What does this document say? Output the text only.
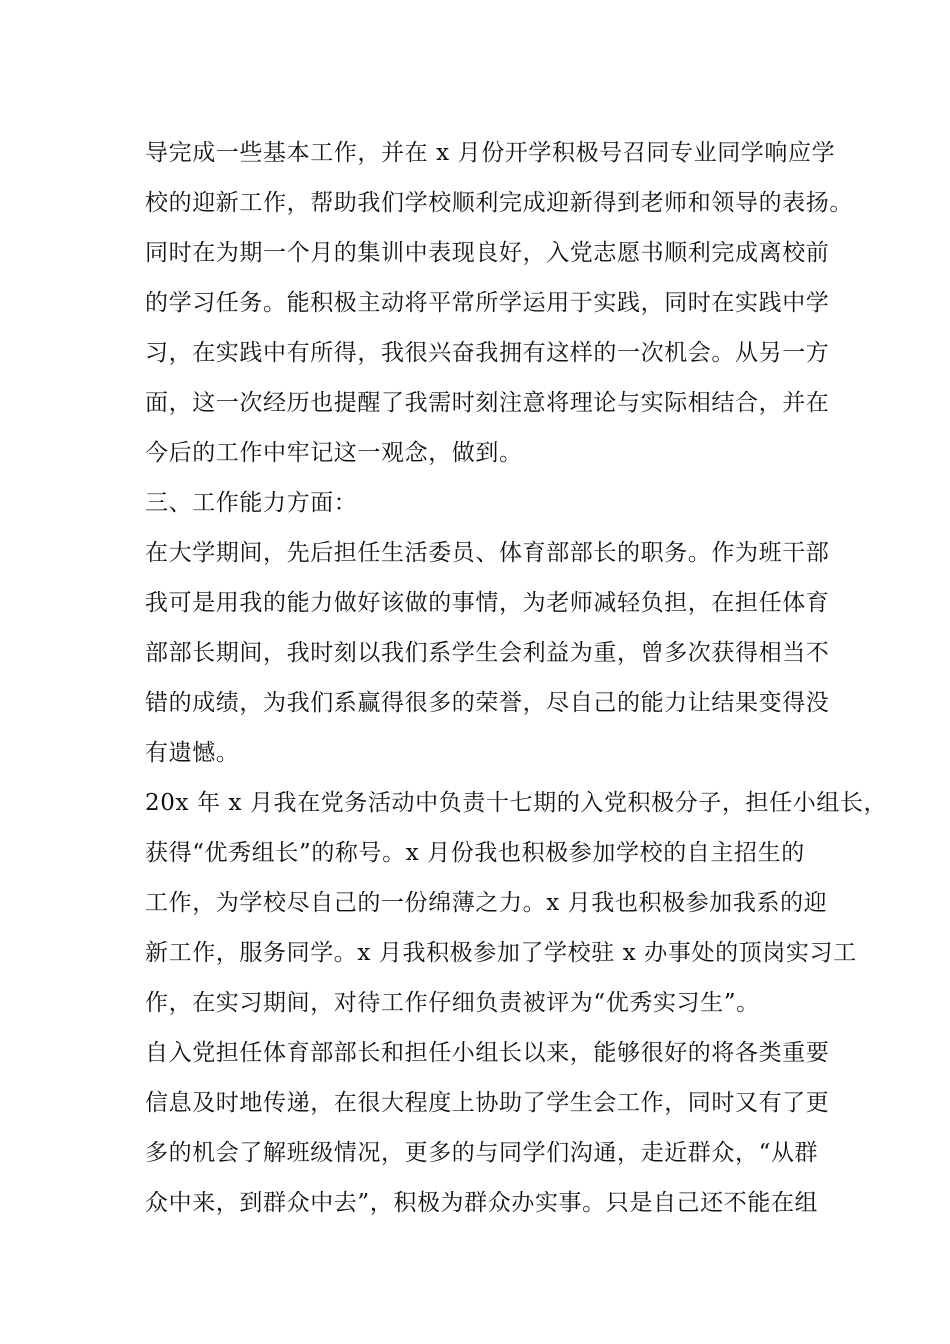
导完成一些基本工作，并在 x 月份开学积极号召同专业同学响应学
校的迎新工作，帮助我们学校顺利完成迎新得到老师和领导的表扬。
同时在为期一个月的集训中表现良好，入党志愿书顺利完成离校前
的学习任务。能积极主动将平常所学运用于实践，同时在实践中学
习，在实践中有所得，我很兴奋我拥有这样的一次机会。从另一方
面，这一次经历也提醒了我需时刻注意将理论与实际相结合，并在
今后的工作中牢记这一观念，做到。
三、工作能力方面：
在大学期间，先后担任生活委员、体育部部长的职务。作为班干部
我可是用我的能力做好该做的事情，为老师减轻负担，在担任体育
部部长期间，我时刻以我们系学生会利益为重，曾多次获得相当不
错的成绩，为我们系赢得很多的荣誉，尽自己的能力让结果变得没
有遗憾。
20x 年 x 月我在党务活动中负责十七期的入党积极分子，担任小组长，
获得“优秀组长”的称号。x 月份我也积极参加学校的自主招生的
工作，为学校尽自己的一份绵薄之力。x 月我也积极参加我系的迎
新工作，服务同学。x 月我积极参加了学校驻 x 办事处的顶岗实习工
作，在实习期间，对待工作仔细负责被评为“优秀实习生”。
自入党担任体育部部长和担任小组长以来，能够很好的将各类重要
信息及时地传递，在很大程度上协助了学生会工作，同时又有了更
多的机会了解班级情况，更多的与同学们沟通，走近群众，“从群
众中来，到群众中去”，积极为群众办实事。只是自己还不能在组
